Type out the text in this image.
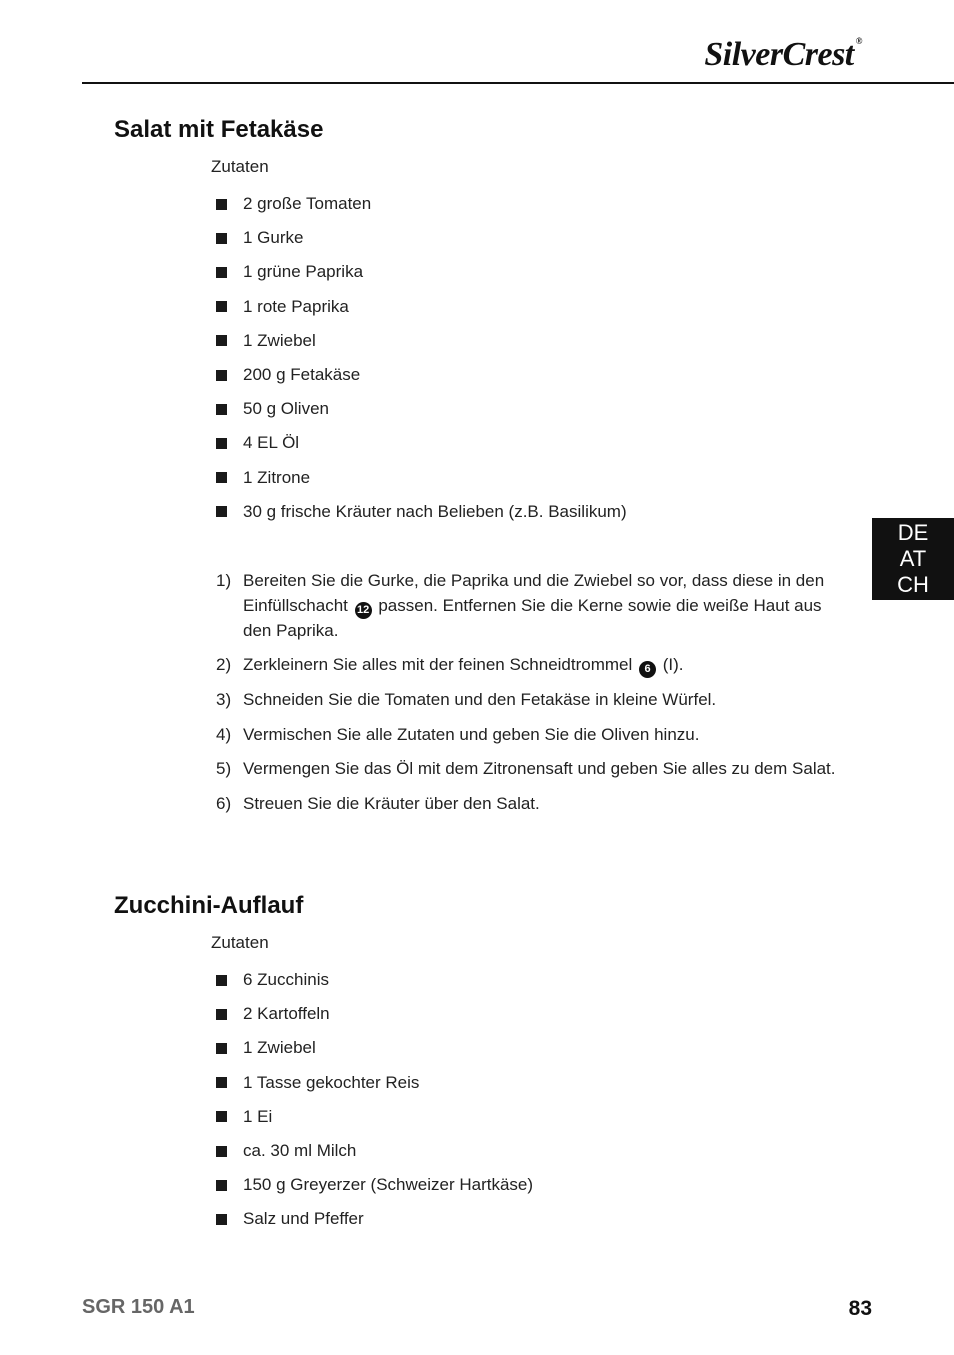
SilverCrest ®
Salat mit Fetakäse
Zutaten
2 große Tomaten
1 Gurke
1 grüne Paprika
1 rote Paprika
1 Zwiebel
200 g Fetakäse
50 g Oliven
4 EL Öl
1 Zitrone
30 g frische Kräuter nach Belieben (z.B. Basilikum)
1) Bereiten Sie die Gurke, die Paprika und die Zwiebel so vor, dass diese in den Einfüllschacht 12 passen. Entfernen Sie die Kerne sowie die weiße Haut aus den Paprika.
2) Zerkleinern Sie alles mit der feinen Schneidtrommel 6 (I).
3) Schneiden Sie die Tomaten und den Fetakäse in kleine Würfel.
4) Vermischen Sie alle Zutaten und geben Sie die Oliven hinzu.
5) Vermengen Sie das Öl mit dem Zitronensaft und geben Sie alles zu dem Salat.
6) Streuen Sie die Kräuter über den Salat.
Zucchini-Auflauf
Zutaten
6 Zucchinis
2 Kartoffeln
1 Zwiebel
1 Tasse gekochter Reis
1 Ei
ca. 30 ml Milch
150 g Greyerzer (Schweizer Hartkäse)
Salz und Pfeffer
DE
AT
CH
SGR 150 A1	83
